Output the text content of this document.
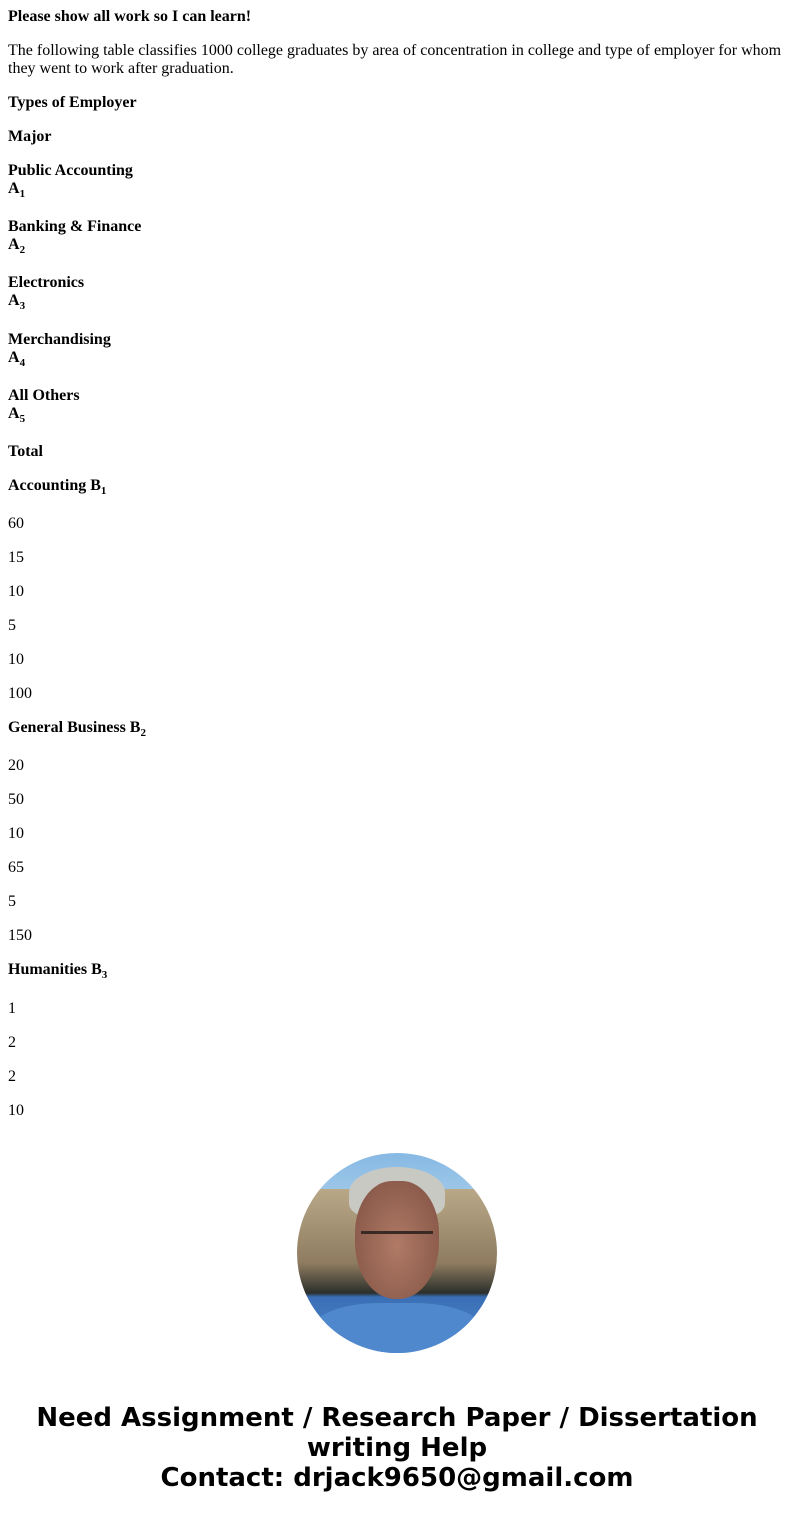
Please show all work so I can learn!

The following table classifies 1000 college graduates by area of concentration in college and type of employer for whom they went to work after graduation.

Types of Employer

Major

Public Accounting

$A_1$

Banking & Finance

$A_2$

Electronics

$A_3$

Merchandising

$A_4$

All Others

$A_5$

Total

Accounting $B_1$

60

15

10

5

10

100

General Business $B_2$

20

50

10

65

5

150

Humanities $B_3$

1

2

2

10

Need Assignment / Research Paper / Dissertation
writing Help
Contact: drjack9650@gmail.com
